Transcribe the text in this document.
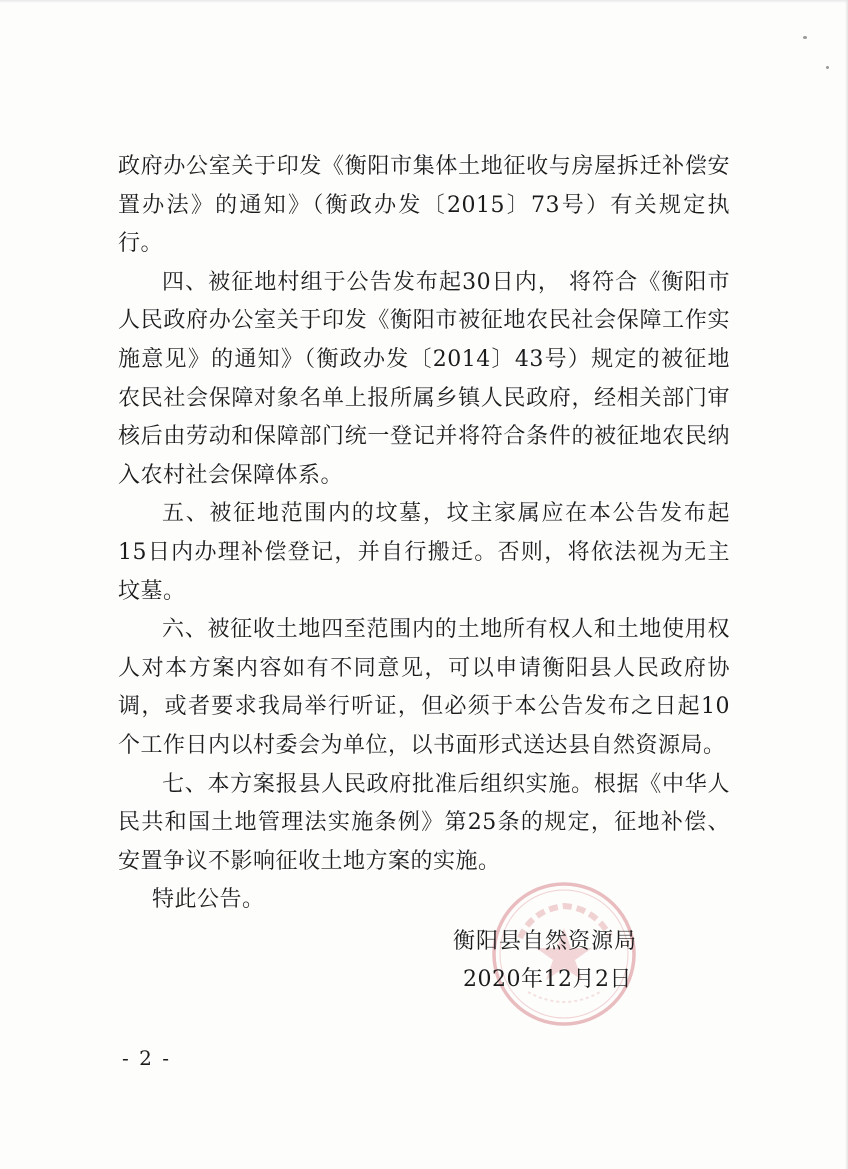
政府办公室关于印发《衡阳市集体土地征收与房屋拆迁补偿安置办法》的通知》（衡政办发〔2015〕73号）有关规定执行。

四、被征地村组于公告发布起30日内， 将符合《衡阳市人民政府办公室关于印发《衡阳市被征地农民社会保障工作实施意见》的通知》（衡政办发〔2014〕43号）规定的被征地农民社会保障对象名单上报所属乡镇人民政府，经相关部门审核后由劳动和保障部门统一登记并将符合条件的被征地农民纳入农村社会保障体系。

五、被征地范围内的坟墓，坟主家属应在本公告发布起15日内办理补偿登记，并自行搬迁。否则，将依法视为无主坟墓。

六、被征收土地四至范围内的土地所有权人和土地使用权人对本方案内容如有不同意见，可以申请衡阳县人民政府协调，或者要求我局举行听证，但必须于本公告发布之日起10个工作日内以村委会为单位，以书面形式送达县自然资源局。

七、本方案报县人民政府批准后组织实施。根据《中华人民共和国土地管理法实施条例》第25条的规定，征地补偿、安置争议不影响征收土地方案的实施。

特此公告。

衡阳县自然资源局
2020年12月2日
- 2 -
